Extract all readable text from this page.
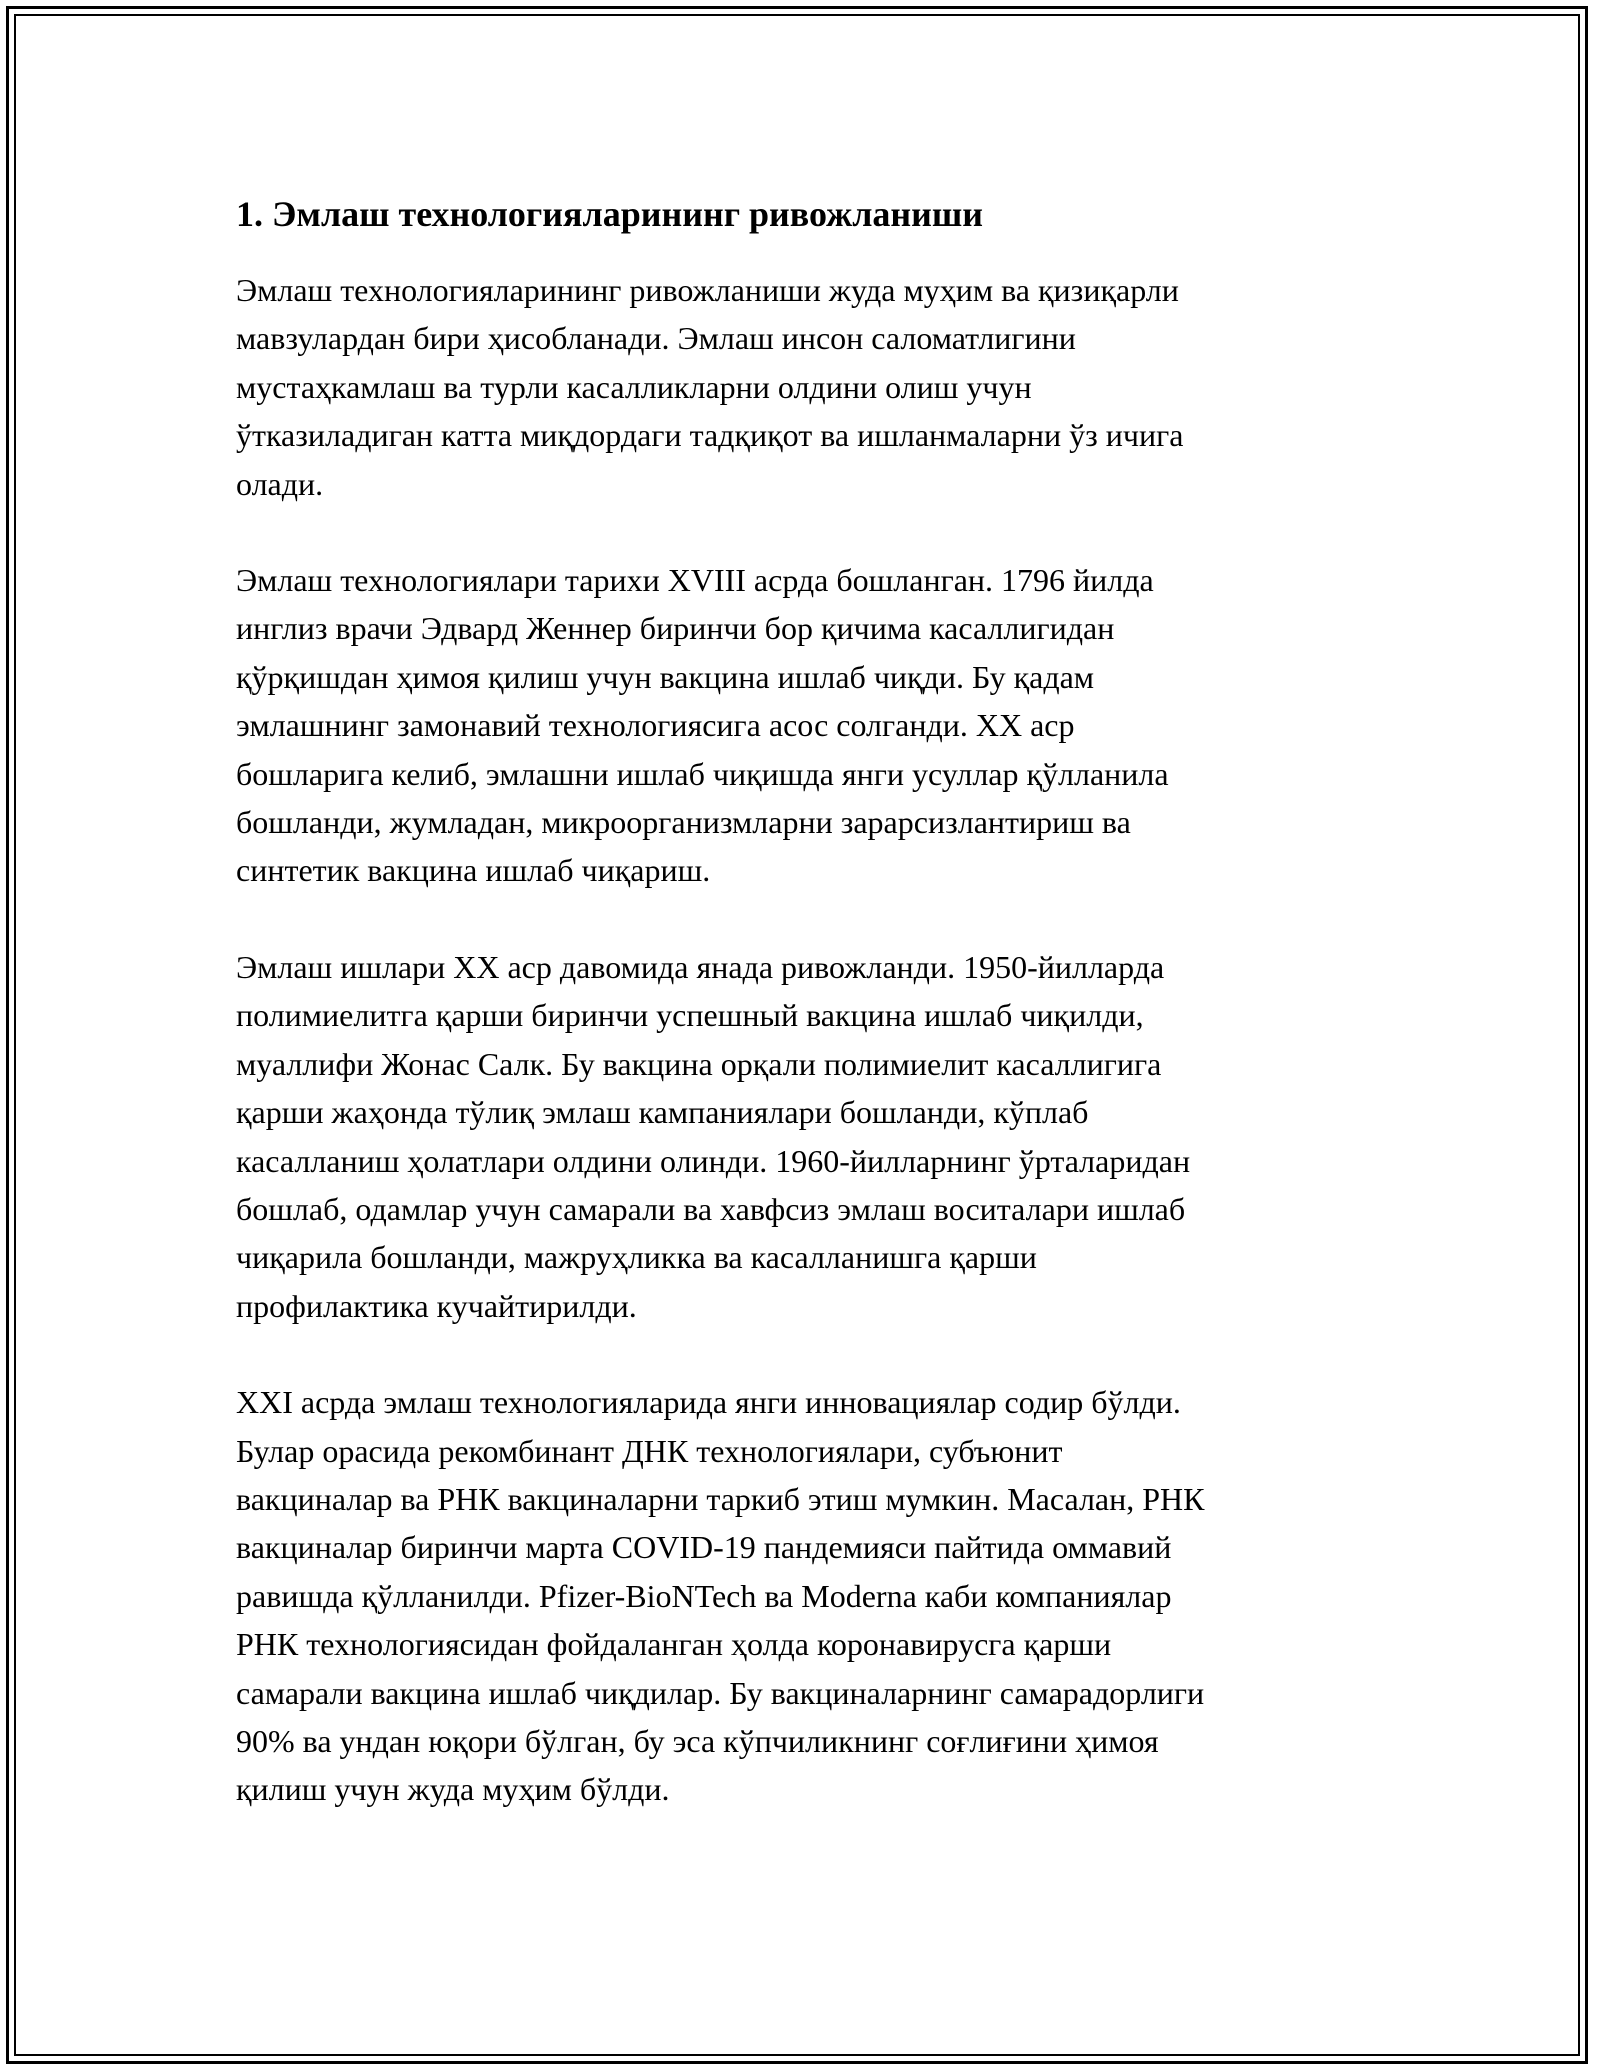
1. Эмлаш технологияларининг ривожланиши

Эмлаш технологияларининг ривожланиши жуда муҳим ва қизиқарли
мавзулардан бири ҳисобланади. Эмлаш инсон саломатлигини
мустаҳкамлаш ва турли касалликларни олдини олиш учун
ўтказиладиган катта миқдордаги тадқиқот ва ишланмаларни ўз ичига
олади.

Эмлаш технологиялари тарихи XVIII асрда бошланган. 1796 йилда
инглиз врачи Эдвард Женнер биринчи бор қичима касаллигидан
қўрқишдан ҳимоя қилиш учун вакцина ишлаб чиқди. Бу қадам
эмлашнинг замонавий технологиясига асос солганди. XX аср
бошларига келиб, эмлашни ишлаб чиқишда янги усуллар қўлланила
бошланди, жумладан, микроорганизмларни зарарсизлантириш ва
синтетик вакцина ишлаб чиқариш.

Эмлаш ишлари XX аср давомида янада ривожланди. 1950-йилларда
полимиелитга қарши биринчи успешный вакцина ишлаб чиқилди,
муаллифи Жонас Салк. Бу вакцина орқали полимиелит касаллигига
қарши жаҳонда тўлиқ эмлаш кампаниялари бошланди, кўплаб
касалланиш ҳолатлари олдини олинди. 1960-йилларнинг ўрталаридан
бошлаб, одамлар учун самарали ва хавфсиз эмлаш воситалари ишлаб
чиқарила бошланди, мажруҳликка ва касалланишга қарши
профилактика кучайтирилди.

XXI асрда эмлаш технологияларида янги инновациялар содир бўлди.
Булар орасида рекомбинант ДНК технологиялари, субъюнит
вакциналар ва РНК вакциналарни таркиб этиш мумкин. Масалан, РНК
вакциналар биринчи марта COVID-19 пандемияси пайтида оммавий
равишда қўлланилди. Pfizer-BioNTech ва Moderna каби компаниялар
РНК технологиясидан фойдаланган ҳолда коронавирусга қарши
самарали вакцина ишлаб чиқдилар. Бу вакциналарнинг самарадорлиги
90% ва ундан юқори бўлган, бу эса кўпчиликнинг соғлиғини ҳимоя
қилиш учун жуда муҳим бўлди.
